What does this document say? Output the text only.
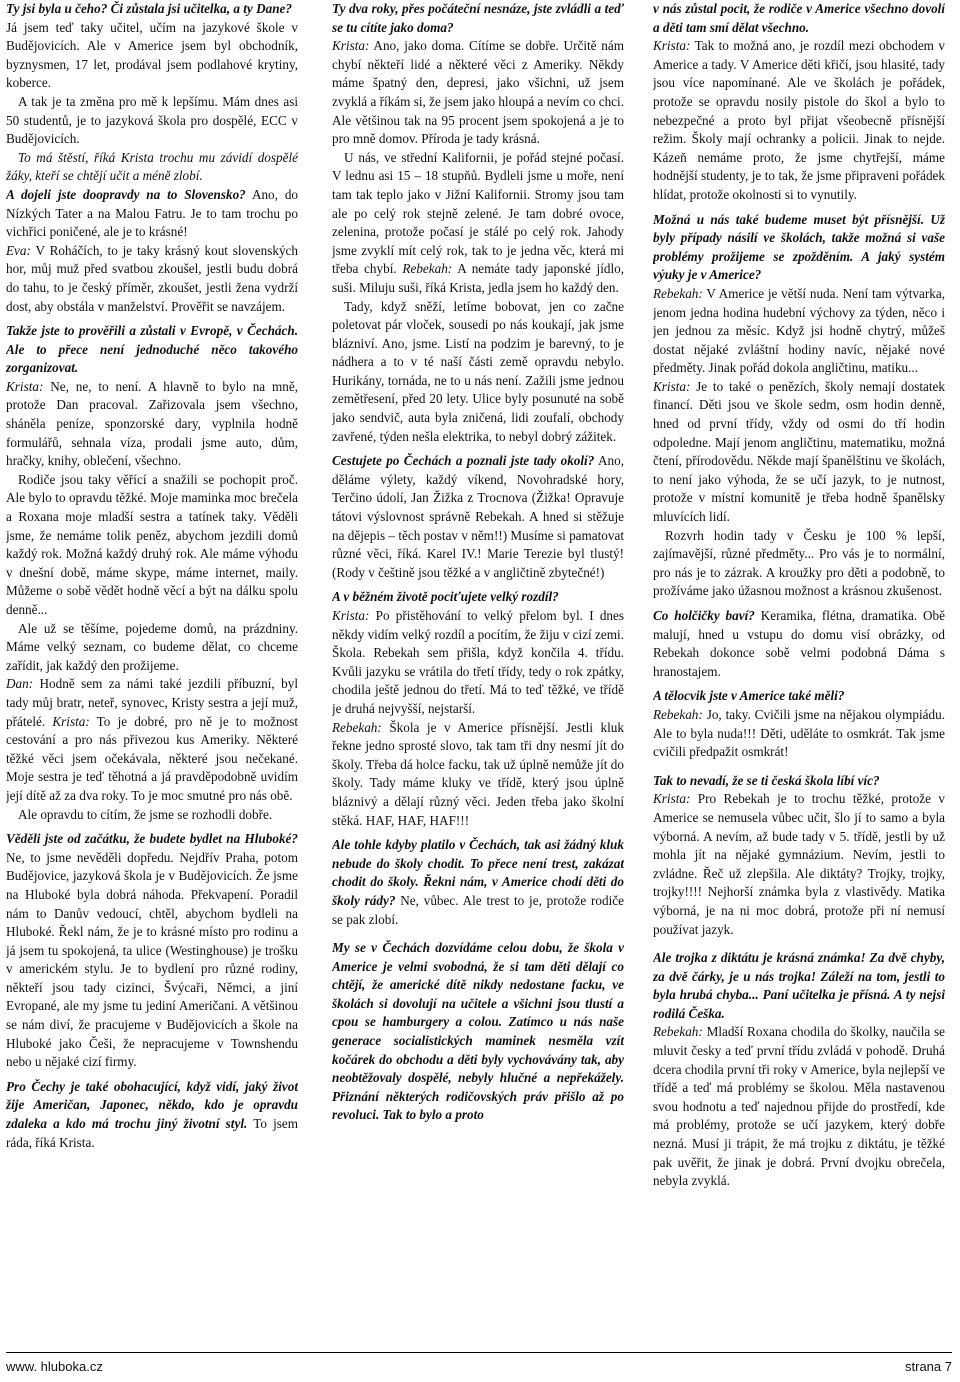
Ty jsi byla u čeho? Či zůstala jsi učitelka, a ty Dane?

Já jsem teď taky učitel, učím na jazykové škole v Budějovicích. Ale v Americe jsem byl obchodník, byznysmen, 17 let, prodával jsem podlahové krytiny, koberce.

A tak je ta změna pro mě k lepšímu. Mám dnes asi 50 studentů, je to jazyková škola pro dospělé, ECC v Budějovicích.

To má štěstí, říká Krista trochu mu závidí dospělé žáky, kteří se chtějí učit a méně zlobí.

A dojeli jste doopravdy na to Slovensko? Ano, do Nízkých Tater a na Malou Fatru. Je to tam trochu po vichřici poničené, ale je to krásné!

Eva: V Roháčích, to je taky krásný kout slovenských hor, můj muž před svatbou zkoušel, jestli budu dobrá do tahu, to je český příměr, zkoušet, jestli žena vydrží dost, aby obstála v manželství. Prověřit se navzájem.

Takže jste to prověřili a zůstali v Evropě, v Čechách. Ale to přece není jednoduché něco takového zorganizovat.

Krista: Ne, ne, to není. A hlavně to bylo na mně, protože Dan pracoval. Zařizovala jsem všechno, sháněla peníze, sponzorské dary, vyplnila hodně formulářů, sehnala víza, prodali jsme auto, dům, hračky, knihy, oblečení, všechno.

Rodiče jsou taky věřící a snažili se pochopit proč. Ale bylo to opravdu těžké. Moje maminka moc brečela a Roxana moje mladší sestra a tatínek taky. Věděli jsme, že nemáme tolik peněz, abychom jezdili domů každý rok. Možná každý druhý rok. Ale máme výhodu v dnešní době, máme skype, máme internet, maily. Můžeme o sobě vědět hodně věcí a být na dálku spolu denně...

Ale už se těšíme, pojedeme domů, na prázdniny. Máme velký seznam, co budeme dělat, co chceme zařídit, jak každý den prožijeme.

Dan: Hodně sem za námi také jezdili příbuzní, byl tady můj bratr, neteř, synovec, Kristy sestra a její muž, přátelé. Krista: To je dobré, pro ně je to možnost cestování a pro nás přivezou kus Ameriky. Některé těžké věci jsem očekávala, některé jsou nečekané. Moje sestra je teď těhotná a já pravděpodobně uvidím její dítě až za dva roky. To je moc smutné pro nás obě.

Ale opravdu to cítím, že jsme se rozhodli dobře.

Věděli jste od začátku, že budete bydlet na Hluboké? Ne, to jsme nevěděli dopředu. Nejdřív Praha, potom Budějovice, jazyková škola je v Budějovicích. Že jsme na Hluboké byla dobrá náhoda. Překvapení. Poradil nám to Danův vedoucí, chtěl, abychom bydleli na Hluboké. Řekl nám, že je to krásné místo pro rodinu a já jsem tu spokojená, ta ulice (Westinghouse) je trošku v americkém stylu. Je to bydlení pro různé rodiny, někteří jsou tady cizinci, Švýcaři, Němci, a jiní Evropané, ale my jsme tu jediní Američani. A většinou se nám diví, že pracujeme v Budějovicích a škole na Hluboké jako Češi, že nepracujeme v Townshendu nebo u nějaké cizí firmy.

Pro Čechy je také obohacující, když vidí, jaký život žije Američan, Japonec, někdo, kdo je opravdu zdaleka a kdo má trochu jiný životní styl. To jsem ráda, říká Krista.

Ty dva roky, přes počáteční nesnáze, jste zvládli a teď se tu cítíte jako doma?

Krista: Ano, jako doma. Cítíme se dobře. Určitě nám chybí někteří lidé a některé věci z Ameriky. Někdy máme špatný den, depresi, jako všichni, už jsem zvyklá a říkám si, že jsem jako hloupá a nevím co chci. Ale většinou tak na 95 procent jsem spokojená a je to pro mně domov. Příroda je tady krásná.

U nás, ve střední Kalifornii, je pořád stejné počasí. V lednu asi 15 – 18 stupňů. Bydleli jsme u moře, není tam tak teplo jako v Jižní Kalifornii. Stromy jsou tam ale po celý rok stejně zelené. Je tam dobré ovoce, zelenina, protože počasí je stálé po celý rok. Jahody jsme zvyklí mít celý rok, tak to je jedna věc, která mi třeba chybí. Rebekah: A nemáte tady japonské jídlo, suši. Miluju suši, říká Krista, jedla jsem ho každý den.

Tady, když sněží, letíme bobovat, jen co začne poletovat pár vloček, sousedi po nás koukají, jak jsme blázniví. Ano, jsme. Listí na podzim je barevný, to je nádhera a to v té naší části země opravdu nebylo. Hurikány, tornáda, ne to u nás není. Zažili jsme jednou zemětřesení, před 20 lety. Ulice byly posunuté na sobě jako sendvič, auta byla zničená, lidi zoufalí, obchody zavřené, týden nešla elektrika, to nebyl dobrý zážitek.

Cestujete po Čechách a poznali jste tady okolí? Ano, děláme výlety, každý víkend, Novohradské hory, Terčino údolí, Jan Žižka z Trocnova (Žižka! Opravuje tátovi výslovnost správně Rebekah. A hned si stěžuje na dějepis – těch postav v něm!!) Musíme si pamatovat různé věci, říká. Karel IV.! Marie Terezie byl tlustý! (Rody v češtině jsou těžké a v angličtině zbytečné!)

A v běžném životě pociťujete velký rozdíl?

Krista: Po přistěhování to velký přelom byl. I dnes někdy vidím velký rozdíl a pocítím, že žiju v cizí zemi. Škola. Rebekah sem přišla, když končila 4. třídu. Kvůli jazyku se vrátila do třetí třídy, tedy o rok zpátky, chodila ještě jednou do třetí. Má to teď těžké, ve třídě je druhá nejvyšší, nejstarší.

Rebekah: Škola je v Americe přísnější. Jestli kluk řekne jedno sprosté slovo, tak tam tři dny nesmí jít do školy. Třeba dá holce facku, tak už úplně nemůže jít do školy. Tady máme kluky ve třídě, který jsou úplně bláznivý a dělají různý věci. Jeden třeba jako školní stěká. HAF, HAF, HAF!!!

Ale tohle kdyby platilo v Čechách, tak asi žádný kluk nebude do školy chodit. To přece není trest, zakázat chodit do školy. Řekni nám, v Americe chodí děti do školy rády? Ne, vůbec. Ale trest to je, protože rodiče se pak zlobí.

My se v Čechách dozvídáme celou dobu, že škola v Americe je velmi svobodná, že si tam děti dělají co chtějí, že americké dítě nikdy nedostane facku, ve školách si dovolují na učitele a všichni jsou tlustí a cpou se hamburgery a colou. Zatímco u nás naše generace socialistických maminek nesměla vzít kočárek do obchodu a děti byly vychovávány tak, aby neobtěžovaly dospělé, nebyly hlučné a nepřekážely. Přiznání některých rodičovských práv přišlo až po revoluci. Tak to bylo a proto

v nás zůstal pocit, že rodiče v Americe všechno dovolí a děti tam smí dělat všechno.

Krista: Tak to možná ano, je rozdíl mezi obchodem v Americe a tady. V Americe děti křičí, jsou hlasité, tady jsou více napomínané. Ale ve školách je pořádek, protože se opravdu nosily pistole do škol a bylo to nebezpečné a proto byl přijat všeobecně přísnější režim. Školy mají ochranky a policii. Jinak to nejde. Kázeň nemáme proto, že jsme chytřejší, máme hodnější studenty, je to tak, že jsme připraveni pořádek hlídat, protože okolnosti si to vynutily.

Možná u nás také budeme muset být přísnější. Už byly případy násilí ve školách, takže možná si vaše problémy prožijeme se zpožděním. A jaký systém výuky je v Americe?

Rebekah: V Americe je větší nuda. Není tam výtvarka, jenom jedna hodina hudební výchovy za týden, něco i jen jednou za měsíc. Když jsi hodně chytrý, můžeš dostat nějaké zvláštní hodiny navíc, nějaké nové předměty. Jinak pořád dokola angličtinu, matiku...

Krista: Je to také o penězích, školy nemají dostatek financí. Děti jsou ve škole sedm, osm hodin denně, hned od první třídy, vždy od osmi do tří hodin odpoledne. Mají jenom angličtinu, matematiku, možná čtení, přírodovědu. Někde mají španělštinu ve školách, to není jako výhoda, že se učí jazyk, to je nutnost, protože v místní komunitě je třeba hodně španělsky mluvících lidí.

Rozvrh hodin tady v Česku je 100 % lepší, zajímavější, různé předměty... Pro vás je to normální, pro nás je to zázrak. A kroužky pro děti a podobně, to prožíváme jako úžasnou možnost a krásnou zkušenost.

Co holčičky baví? Keramika, flétna, dramatika. Obě malují, hned u vstupu do domu visí obrázky, od Rebekah dokonce sobě velmi podobná Dáma s hranostajem.

A tělocvik jste v Americe také měli?

Rebekah: Jo, taky. Cvičili jsme na nějakou olympiádu. Ale to byla nuda!!! Děti, uděláte to osmkrát. Tak jsme cvičili předpažit osmkrát!

Tak to nevadí, že se ti česká škola líbí víc?

Krista: Pro Rebekah je to trochu těžké, protože v Americe se nemusela vůbec učit, šlo jí to samo a byla výborná. A nevím, až bude tady v 5. třídě, jestli by už mohla jít na nějaké gymnázium. Nevím, jestli to zvládne. Řeč už zlepšila. Ale diktáty? Trojky, trojky, trojky!!!! Nejhorší známka byla z vlastivědy. Matika výborná, je na ni moc dobrá, protože při ní nemusí používat jazyk.

Ale trojka z diktátu je krásná známka! Za dvě chyby, za dvě čárky, je u nás trojka! Záleží na tom, jestli to byla hrubá chyba... Paní učitelka je přísná. A ty nejsi rodilá Češka.

Rebekah: Mladší Roxana chodila do školky, naučila se mluvit česky a teď první třídu zvládá v pohodě. Druhá dcera chodila první tři roky v Americe, byla nejlepší ve třídě a teď má problémy se školou. Měla nastavenou svou hodnotu a teď najednou přijde do prostředí, kde má problémy, protože se učí jazykem, který dobře nezná. Musí ji trápit, že má trojku z diktátu, je těžké pak uvěřit, že jinak je dobrá. První dvojku obrečela, nebyla zvyklá.

www. hluboka.cz	strana 7
